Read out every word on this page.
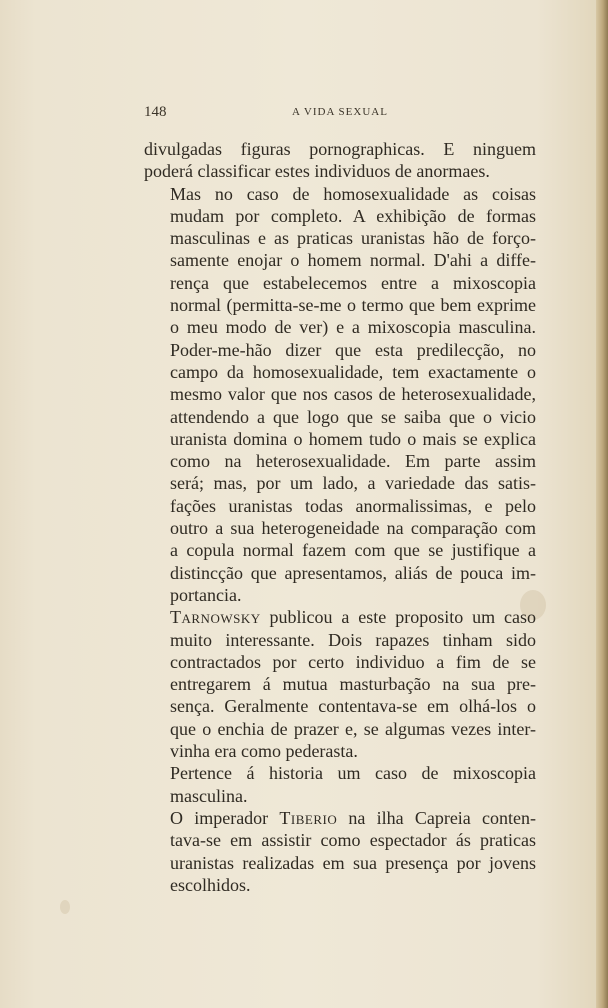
148	A VIDA SEXUAL

divulgadas figuras pornographicas. E ninguem
poderá classificar estes individuos de anormaes.

Mas no caso de homosexualidade as coisas
mudam por completo. A exhibição de formas
masculinas e as praticas uranistas hão de forço-
samente enojar o homem normal. D'ahi a diffe-
rença que estabelecemos entre a mixoscopia
normal (permitta-se-me o termo que bem exprime
o meu modo de ver) e a mixoscopia masculina.
Poder-me-hão dizer que esta predilecção, no
campo da homosexualidade, tem exactamente o
mesmo valor que nos casos de heterosexualidade,
attendendo a que logo que se saiba que o vicio
uranista domina o homem tudo o mais se explica
como na heterosexualidade. Em parte assim
será; mas, por um lado, a variedade das satis-
fações uranistas todas anormalissimas, e pelo
outro a sua heterogeneidade na comparação com
a copula normal fazem com que se justifique a
distincção que apresentamos, aliás de pouca im-
portancia.

Tarnowsky publicou a este proposito um caso
muito interessante. Dois rapazes tinham sido
contractados por certo individuo a fim de se
entregarem á mutua masturbação na sua pre-
sença. Geralmente contentava-se em olhá-los o
que o enchia de prazer e, se algumas vezes inter-
vinha era como pederasta.

Pertence á historia um caso de mixoscopia
masculina.

O imperador Tiberio na ilha Capreia conten-
tava-se em assistir como espectador ás praticas
uranistas realizadas em sua presença por jovens
escolhidos.
